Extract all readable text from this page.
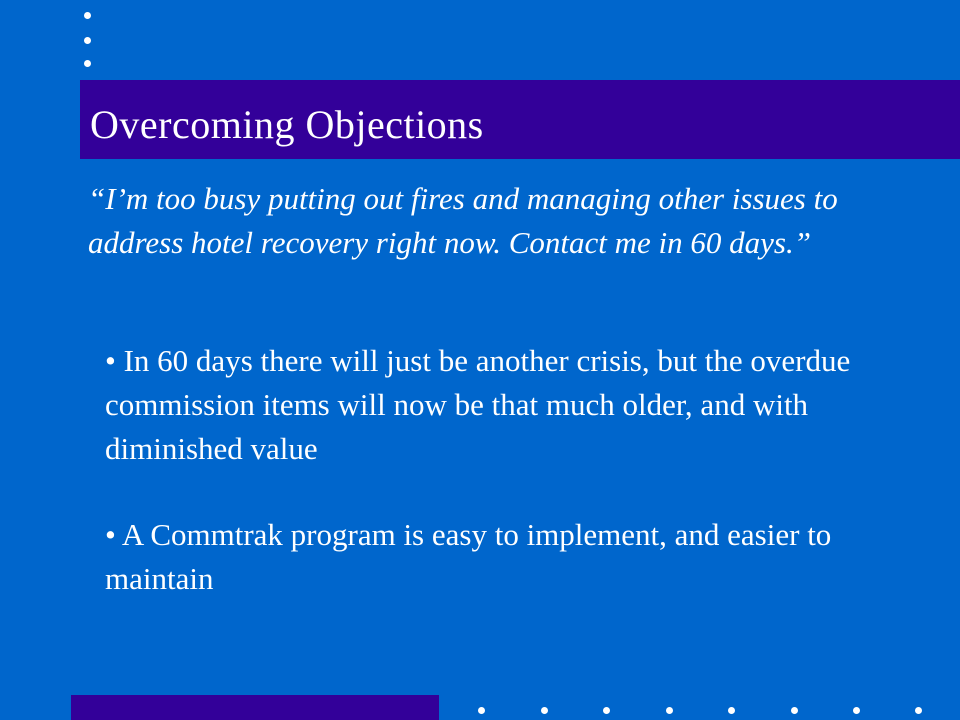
Overcoming Objections

“I’m too busy putting out fires and managing other issues to address hotel recovery right now. Contact me in 60 days.”

• In 60 days there will just be another crisis, but the overdue commission items will now be that much older, and with diminished value

• A Commtrak program is easy to implement, and easier to maintain
